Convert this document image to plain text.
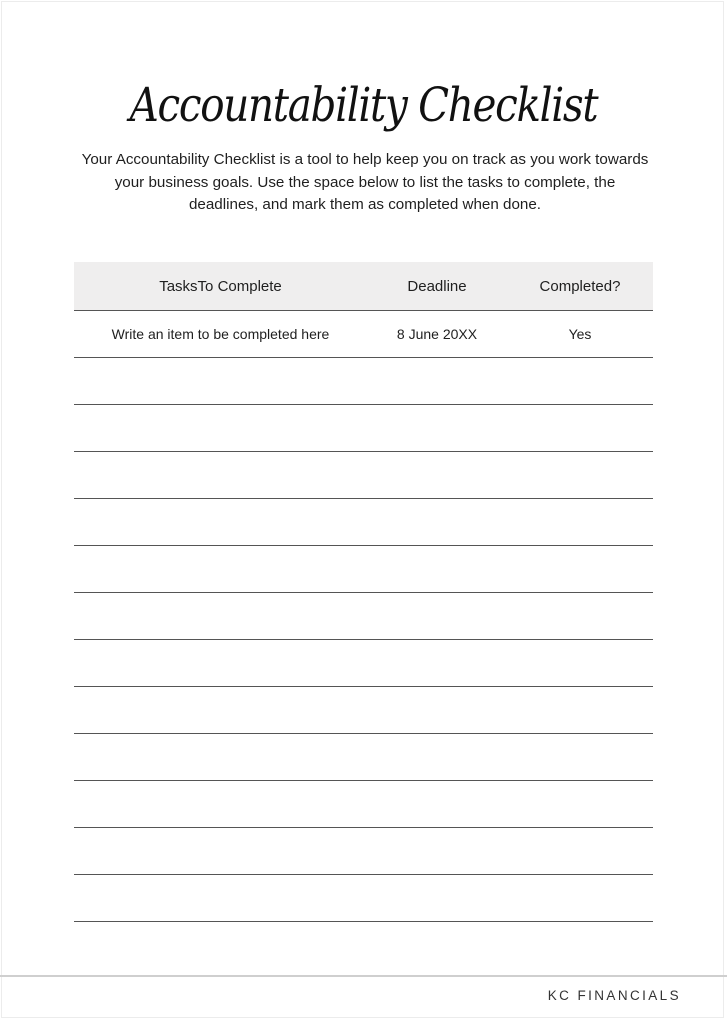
Accountability Checklist

Your Accountability Checklist is a tool to help keep you on track as you work towards your business goals. Use the space below to list the tasks to complete, the deadlines, and mark them as completed when done.

TasksTo Complete	Deadline	Completed?
Write an item to be completed here	8 June 20XX	Yes
KC FINANCIALS
